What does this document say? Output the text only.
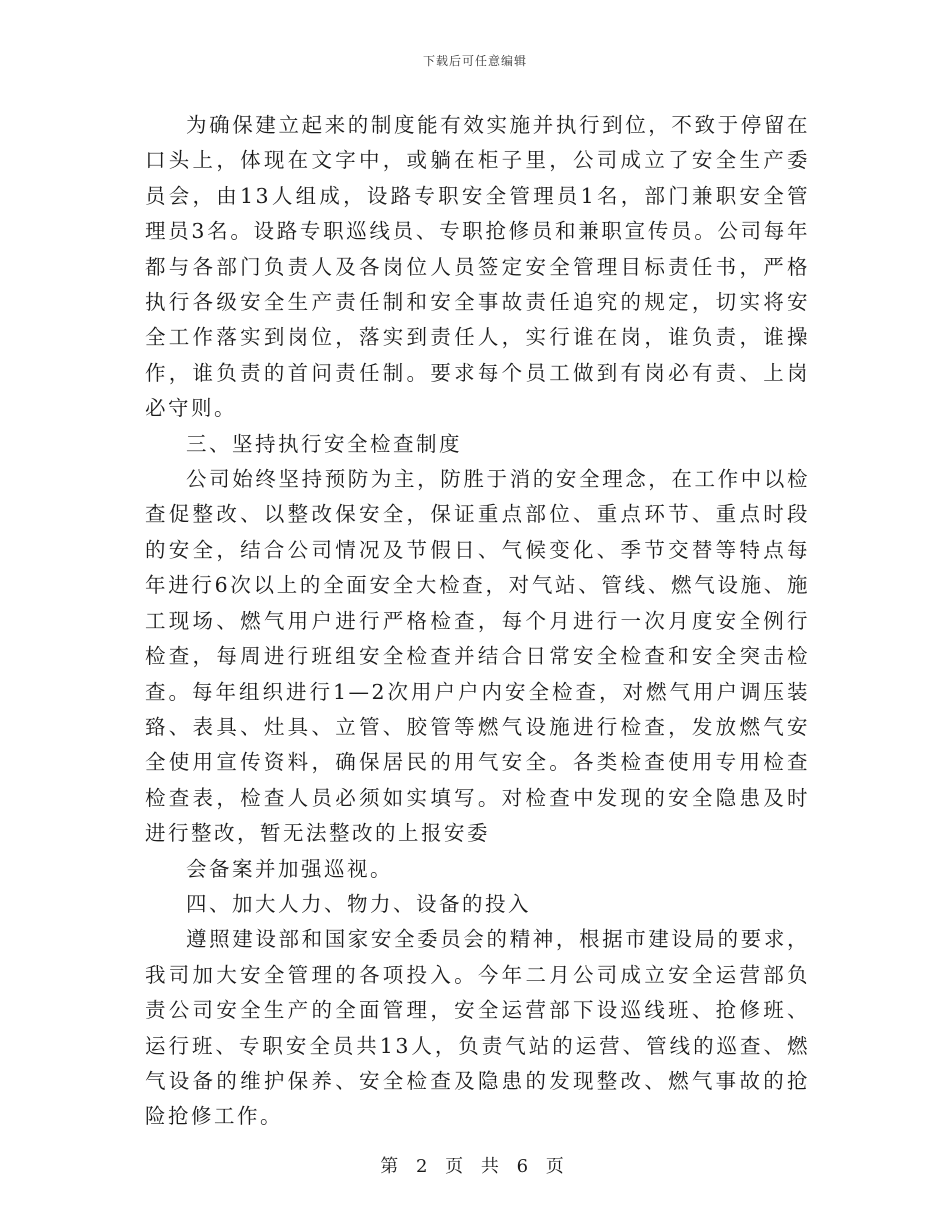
下载后可任意编辑

为确保建立起来的制度能有效实施并执行到位，不致于停留在口头上，体现在文字中，或躺在柜子里，公司成立了安全生产委员会，由13人组成，设路专职安全管理员1名，部门兼职安全管理员3名。设路专职巡线员、专职抢修员和兼职宣传员。公司每年都与各部门负责人及各岗位人员签定安全管理目标责任书，严格执行各级安全生产责任制和安全事故责任追究的规定，切实将安全工作落实到岗位，落实到责任人，实行谁在岗，谁负责，谁操作，谁负责的首问责任制。要求每个员工做到有岗必有责、上岗必守则。

三、坚持执行安全检查制度

公司始终坚持预防为主，防胜于消的安全理念，在工作中以检查促整改、以整改保安全，保证重点部位、重点环节、重点时段的安全，结合公司情况及节假日、气候变化、季节交替等特点每年进行6次以上的全面安全大检查，对气站、管线、燃气设施、施工现场、燃气用户进行严格检查，每个月进行一次月度安全例行检查，每周进行班组安全检查并结合日常安全检查和安全突击检查。每年组织进行1—2次用户户内安全检查，对燃气用户调压装臵、表具、灶具、立管、胶管等燃气设施进行检查，发放燃气安全使用宣传资料，确保居民的用气安全。各类检查使用专用检查检查表，检查人员必须如实填写。对检查中发现的安全隐患及时进行整改，暂无法整改的上报安委

会备案并加强巡视。

四、加大人力、物力、设备的投入

遵照建设部和国家安全委员会的精神，根据市建设局的要求，我司加大安全管理的各项投入。今年二月公司成立安全运营部负责公司安全生产的全面管理，安全运营部下设巡线班、抢修班、运行班、专职安全员共13人，负责气站的运营、管线的巡查、燃气设备的维护保养、安全检查及隐患的发现整改、燃气事故的抢险抢修工作。

第 2 页 共 6 页
